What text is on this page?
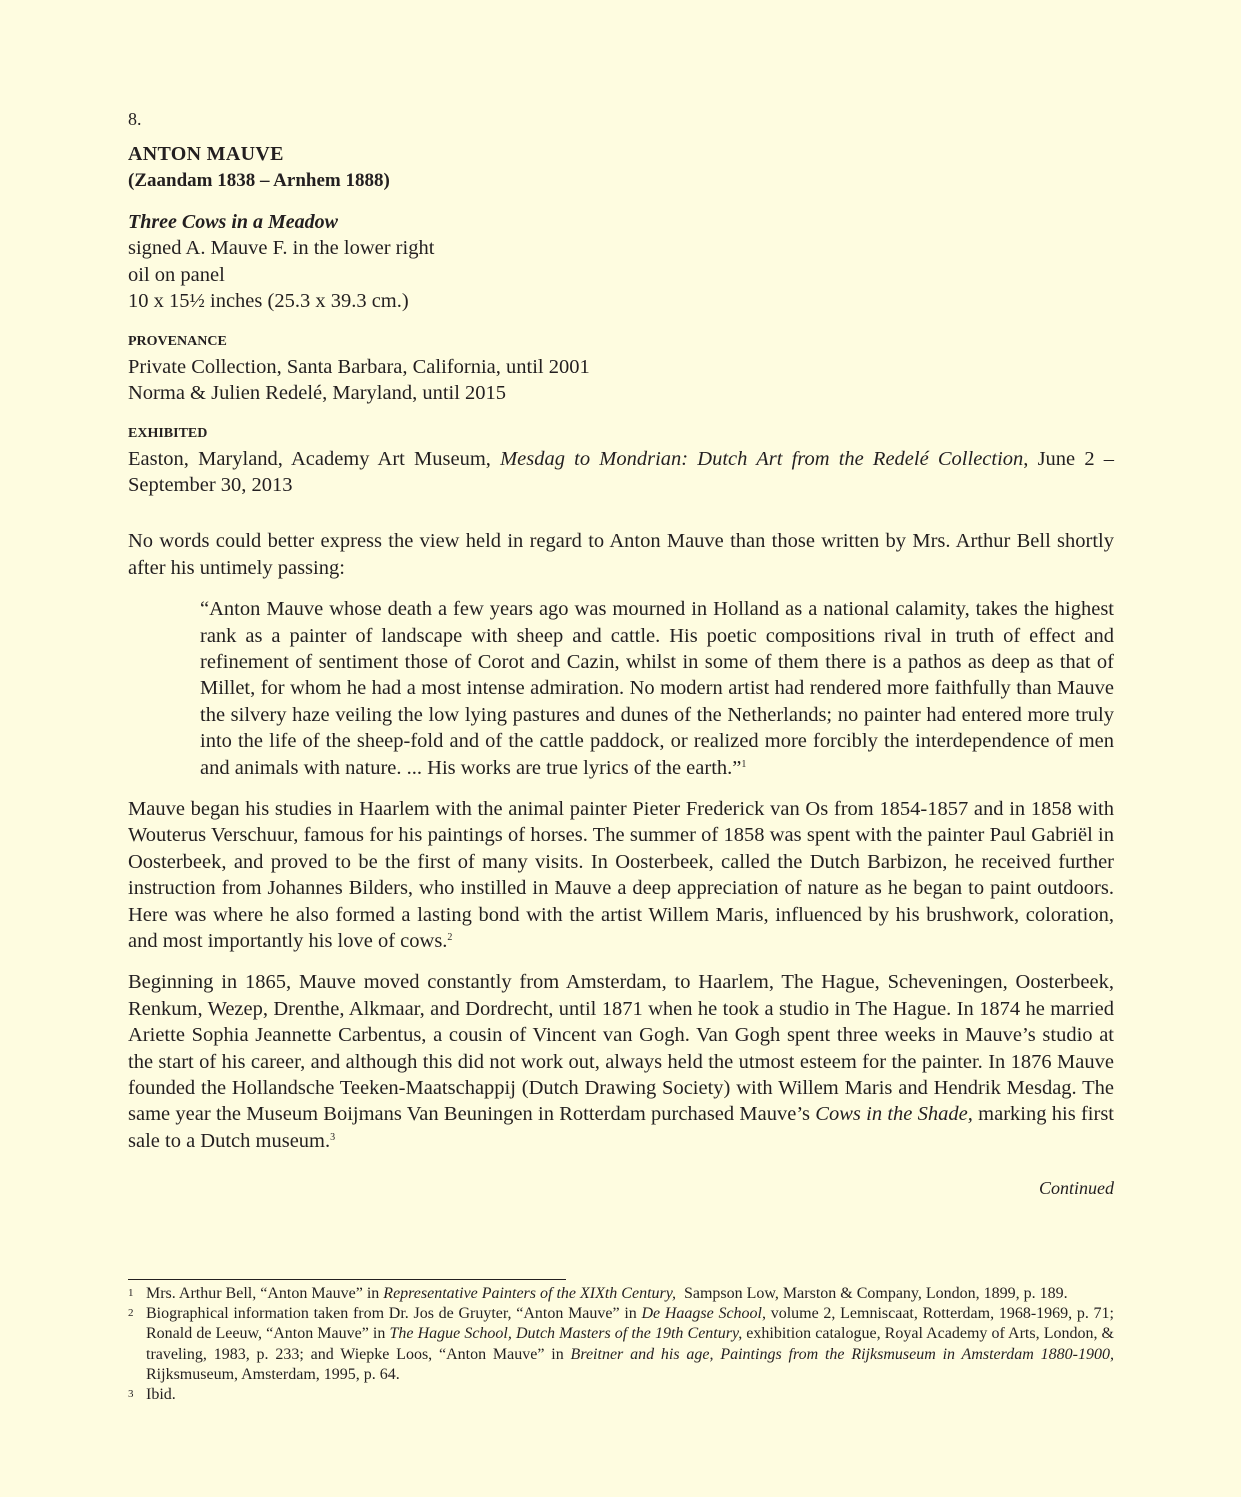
8.
ANTON MAUVE
(Zaandam 1838 – Arnhem 1888)
Three Cows in a Meadow
signed A. Mauve F. in the lower right
oil on panel
10 x 15½ inches (25.3 x 39.3 cm.)
PROVENANCE
Private Collection, Santa Barbara, California, until 2001
Norma & Julien Redelé, Maryland, until 2015
EXHIBITED

Easton, Maryland, Academy Art Museum, Mesdag to Mondrian: Dutch Art from the Redelé Collection, June 2 – September 30, 2013

No words could better express the view held in regard to Anton Mauve than those written by Mrs. Arthur Bell shortly after his untimely passing:

“Anton Mauve whose death a few years ago was mourned in Holland as a national calamity, takes the highest rank as a painter of landscape with sheep and cattle. His poetic compositions rival in truth of effect and refinement of sentiment those of Corot and Cazin, whilst in some of them there is a pathos as deep as that of Millet, for whom he had a most intense admiration. No modern artist had rendered more faithfully than Mauve the silvery haze veiling the low lying pastures and dunes of the Netherlands; no painter had entered more truly into the life of the sheep-fold and of the cattle paddock, or realized more forcibly the interdependence of men and animals with nature. ... His works are true lyrics of the earth.”$^1$

Mauve began his studies in Haarlem with the animal painter Pieter Frederick van Os from 1854-1857 and in 1858 with Wouterus Verschuur, famous for his paintings of horses. The summer of 1858 was spent with the painter Paul Gabriël in Oosterbeek, and proved to be the first of many visits. In Oosterbeek, called the Dutch Barbizon, he received further instruction from Johannes Bilders, who instilled in Mauve a deep appreciation of nature as he began to paint outdoors. Here was where he also formed a lasting bond with the artist Willem Maris, influenced by his brushwork, coloration, and most importantly his love of cows.$^2$

Beginning in 1865, Mauve moved constantly from Amsterdam, to Haarlem, The Hague, Scheveningen, Oosterbeek, Renkum, Wezep, Drenthe, Alkmaar, and Dordrecht, until 1871 when he took a studio in The Hague. In 1874 he married Ariette Sophia Jeannette Carbentus, a cousin of Vincent van Gogh. Van Gogh spent three weeks in Mauve’s studio at the start of his career, and although this did not work out, always held the utmost esteem for the painter. In 1876 Mauve founded the Hollandsche Teeken-Maatschappij (Dutch Drawing Society) with Willem Maris and Hendrik Mesdag. The same year the Museum Boijmans Van Beuningen in Rotterdam purchased Mauve’s Cows in the Shade, marking his first sale to a Dutch museum.$^3$

Continued
1 Mrs. Arthur Bell, “Anton Mauve” in Representative Painters of the XIXth Century,  Sampson Low, Marston & Company, London, 1899, p. 189.
2 Biographical information taken from Dr. Jos de Gruyter, “Anton Mauve” in De Haagse School, volume 2, Lemniscaat, Rotterdam, 1968-1969, p. 71; Ronald de Leeuw, “Anton Mauve” in The Hague School, Dutch Masters of the 19th Century, exhibition catalogue, Royal Academy of Arts, London, & traveling, 1983, p. 233; and Wiepke Loos, “Anton Mauve” in Breitner and his age, Paintings from the Rijksmuseum in Amsterdam 1880-1900, Rijksmuseum, Amsterdam, 1995, p. 64.
3 Ibid.
